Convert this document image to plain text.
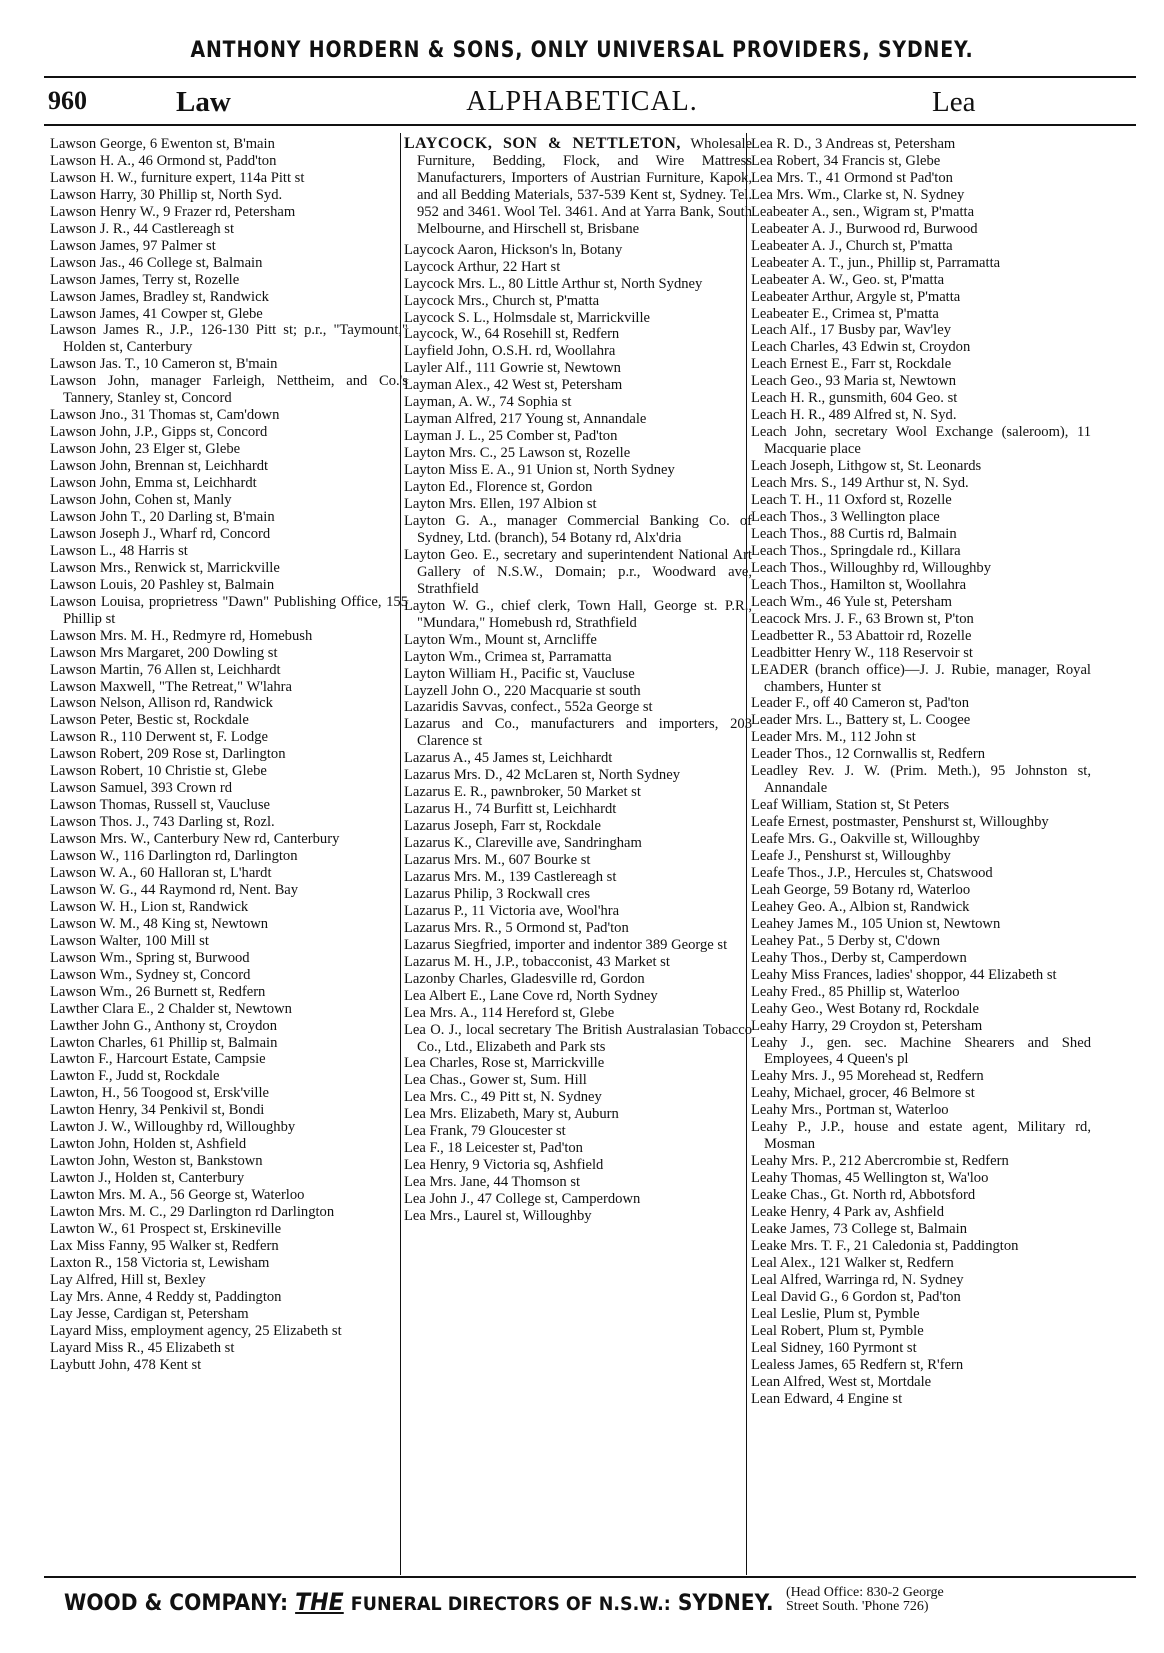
ANTHONY HORDERN & SONS, ONLY UNIVERSAL PROVIDERS, SYDNEY.
960	Law	ALPHABETICAL.	Lea
Lawson George, 6 Ewenton st, B'main
Lawson H. A., 46 Ormond st, Padd'ton
Lawson H. W., furniture expert, 114a Pitt st
Lawson Harry, 30 Phillip st, North Syd.
Lawson Henry W., 9 Frazer rd, Petersham
Lawson J. R., 44 Castlereagh st
Lawson James, 97 Palmer st
Lawson Jas., 46 College st, Balmain
Lawson James, Terry st, Rozelle
Lawson James, Bradley st, Randwick
Lawson James, 41 Cowper st, Glebe
Lawson James R., J.P., 126-130 Pitt st; p.r., "Taymount," Holden st, Canterbury
Lawson Jas. T., 10 Cameron st, B'main
Lawson John, manager Farleigh, Nettheim, and Co.'s Tannery, Stanley st, Concord
Lawson Jno., 31 Thomas st, Cam'down
Lawson John, J.P., Gipps st, Concord
Lawson John, 23 Elger st, Glebe
Lawson John, Brennan st, Leichhardt
Lawson John, Emma st, Leichhardt
Lawson John, Cohen st, Manly
Lawson John T., 20 Darling st, B'main
Lawson Joseph J., Wharf rd, Concord
Lawson L., 48 Harris st
Lawson Mrs., Renwick st, Marrickville
Lawson Louis, 20 Pashley st, Balmain
Lawson Louisa, proprietress "Dawn" Publishing Office, 155 Phillip st
Lawson Mrs. M. H., Redmyre rd, Homebush
Lawson Mrs Margaret, 200 Dowling st
Lawson Martin, 76 Allen st, Leichhardt
Lawson Maxwell, "The Retreat," W'lahra
Lawson Nelson, Allison rd, Randwick
Lawson Peter, Bestic st, Rockdale
Lawson R., 110 Derwent st, F. Lodge
Lawson Robert, 209 Rose st, Darlington
Lawson Robert, 10 Christie st, Glebe
Lawson Samuel, 393 Crown rd
Lawson Thomas, Russell st, Vaucluse
Lawson Thos. J., 743 Darling st, Rozl.
Lawson Mrs. W., Canterbury New rd, Canterbury
Lawson W., 116 Darlington rd, Darlington
Lawson W. A., 60 Halloran st, L'hardt
Lawson W. G., 44 Raymond rd, Nent. Bay
Lawson W. H., Lion st, Randwick
Lawson W. M., 48 King st, Newtown
Lawson Walter, 100 Mill st
Lawson Wm., Spring st, Burwood
Lawson Wm., Sydney st, Concord
Lawson Wm., 26 Burnett st, Redfern
Lawther Clara E., 2 Chalder st, Newtown
Lawther John G., Anthony st, Croydon
Lawton Charles, 61 Phillip st, Balmain
Lawton F., Harcourt Estate, Campsie
Lawton F., Judd st, Rockdale
Lawton, H., 56 Toogood st, Ersk'ville
Lawton Henry, 34 Penkivil st, Bondi
Lawton J. W., Willoughby rd, Willoughby
Lawton John, Holden st, Ashfield
Lawton John, Weston st, Bankstown
Lawton J., Holden st, Canterbury
Lawton Mrs. M. A., 56 George st, Waterloo
Lawton Mrs. M. C., 29 Darlington rd Darlington
Lawton W., 61 Prospect st, Erskineville
Lax Miss Fanny, 95 Walker st, Redfern
Laxton R., 158 Victoria st, Lewisham
Lay Alfred, Hill st, Bexley
Lay Mrs. Anne, 4 Reddy st, Paddington
Lay Jesse, Cardigan st, Petersham
Layard Miss, employment agency, 25 Elizabeth st
Layard Miss R., 45 Elizabeth st
Laybutt John, 478 Kent st
LAYCOCK, SON & NETTLETON, Wholesale Furniture, Bedding, Flock, and Wire Mattress Manufacturers, Importers of Austrian Furniture, Kapok, and all Bedding Materials, 537-539 Kent st, Sydney. Tel. 952 and 3461. Wool Tel. 3461. And at Yarra Bank, South Melbourne, and Hirschell st, Brisbane
Laycock Aaron, Hickson's ln, Botany
Laycock Arthur, 22 Hart st
Laycock Mrs. L., 80 Little Arthur st, North Sydney
Laycock Mrs., Church st, P'matta
Laycock S. L., Holmsdale st, Marrickville
Laycock, W., 64 Rosehill st, Redfern
Layfield John, O.S.H. rd, Woollahra
Layler Alf., 111 Gowrie st, Newtown
Layman Alex., 42 West st, Petersham
Layman, A. W., 74 Sophia st
Layman Alfred, 217 Young st, Annandale
Layman J. L., 25 Comber st, Pad'ton
Layton Mrs. C., 25 Lawson st, Rozelle
Layton Miss E. A., 91 Union st, North Sydney
Layton Ed., Florence st, Gordon
Layton Mrs. Ellen, 197 Albion st
Layton G. A., manager Commercial Banking Co. of Sydney, Ltd. (branch), 54 Botany rd, Alx'dria
Layton Geo. E., secretary and superintendent National Art Gallery of N.S.W., Domain; p.r., Woodward ave, Strathfield
Layton W. G., chief clerk, Town Hall, George st. P.R., "Mundara," Homebush rd, Strathfield
Layton Wm., Mount st, Arncliffe
Layton Wm., Crimea st, Parramatta
Layton William H., Pacific st, Vaucluse
Layzell John O., 220 Macquarie st south
Lazaridis Savvas, confect., 552a George st
Lazarus and Co., manufacturers and importers, 203 Clarence st
Lazarus A., 45 James st, Leichhardt
Lazarus Mrs. D., 42 McLaren st, North Sydney
Lazarus E. R., pawnbroker, 50 Market st
Lazarus H., 74 Burfitt st, Leichhardt
Lazarus Joseph, Farr st, Rockdale
Lazarus K., Clareville ave, Sandringham
Lazarus Mrs. M., 607 Bourke st
Lazarus Mrs. M., 139 Castlereagh st
Lazarus Philip, 3 Rockwall cres
Lazarus P., 11 Victoria ave, Wool'hra
Lazarus Mrs. R., 5 Ormond st, Pad'ton
Lazarus Siegfried, importer and indentor 389 George st
Lazarus M. H., J.P., tobacconist, 43 Market st
Lazonby Charles, Gladesville rd, Gordon
Lea Albert E., Lane Cove rd, North Sydney
Lea Mrs. A., 114 Hereford st, Glebe
Lea O. J., local secretary The British Australasian Tobacco Co., Ltd., Elizabeth and Park sts
Lea Charles, Rose st, Marrickville
Lea Chas., Gower st, Sum. Hill
Lea Mrs. C., 49 Pitt st, N. Sydney
Lea Mrs. Elizabeth, Mary st, Auburn
Lea Frank, 79 Gloucester st
Lea F., 18 Leicester st, Pad'ton
Lea Henry, 9 Victoria sq, Ashfield
Lea Mrs. Jane, 44 Thomson st
Lea John J., 47 College st, Camperdown
Lea Mrs., Laurel st, Willoughby
Lea R. D., 3 Andreas st, Petersham
Lea Robert, 34 Francis st, Glebe
Lea Mrs. T., 41 Ormond st Pad'ton
Lea Mrs. Wm., Clarke st, N. Sydney
Leabeater A., sen., Wigram st, P'matta
Leabeater A. J., Burwood rd, Burwood
Leabeater A. J., Church st, P'matta
Leabeater A. T., jun., Phillip st, Parramatta
Leabeater A. W., Geo. st, P'matta
Leabeater Arthur, Argyle st, P'matta
Leabeater E., Crimea st, P'matta
Leach Alf., 17 Busby par, Wav'ley
Leach Charles, 43 Edwin st, Croydon
Leach Ernest E., Farr st, Rockdale
Leach Geo., 93 Maria st, Newtown
Leach H. R., gunsmith, 604 Geo. st
Leach H. R., 489 Alfred st, N. Syd.
Leach John, secretary Wool Exchange (saleroom), 11 Macquarie place
Leach Joseph, Lithgow st, St. Leonards
Leach Mrs. S., 149 Arthur st, N. Syd.
Leach T. H., 11 Oxford st, Rozelle
Leach Thos., 3 Wellington place
Leach Thos., 88 Curtis rd, Balmain
Leach Thos., Springdale rd., Killara
Leach Thos., Willoughby rd, Willoughby
Leach Thos., Hamilton st, Woollahra
Leach Wm., 46 Yule st, Petersham
Leacock Mrs. J. F., 63 Brown st, P'ton
Leadbetter R., 53 Abattoir rd, Rozelle
Leadbitter Henry W., 118 Reservoir st
LEADER (branch office)—J. J. Rubie, manager, Royal chambers, Hunter st
Leader F., off 40 Cameron st, Pad'ton
Leader Mrs. L., Battery st, L. Coogee
Leader Mrs. M., 112 John st
Leader Thos., 12 Cornwallis st, Redfern
Leadley Rev. J. W. (Prim. Meth.), 95 Johnston st, Annandale
Leaf William, Station st, St Peters
Leafe Ernest, postmaster, Penshurst st, Willoughby
Leafe Mrs. G., Oakville st, Willoughby
Leafe J., Penshurst st, Willoughby
Leafe Thos., J.P., Hercules st, Chatswood
Leah George, 59 Botany rd, Waterloo
Leahey Geo. A., Albion st, Randwick
Leahey James M., 105 Union st, Newtown
Leahey Pat., 5 Derby st, C'down
Leahy Thos., Derby st, Camperdown
Leahy Miss Frances, ladies' shoppor, 44 Elizabeth st
Leahy Fred., 85 Phillip st, Waterloo
Leahy Geo., West Botany rd, Rockdale
Leahy Harry, 29 Croydon st, Petersham
Leahy J., gen. sec. Machine Shearers and Shed Employees, 4 Queen's pl
Leahy Mrs. J., 95 Morehead st, Redfern
Leahy, Michael, grocer, 46 Belmore st
Leahy Mrs., Portman st, Waterloo
Leahy P., J.P., house and estate agent, Military rd, Mosman
Leahy Mrs. P., 212 Abercrombie st, Redfern
Leahy Thomas, 45 Wellington st, Wa'loo
Leake Chas., Gt. North rd, Abbotsford
Leake Henry, 4 Park av, Ashfield
Leake James, 73 College st, Balmain
Leake Mrs. T. F., 21 Caledonia st, Paddington
Leal Alex., 121 Walker st, Redfern
Leal Alfred, Warringa rd, N. Sydney
Leal David G., 6 Gordon st, Pad'ton
Leal Leslie, Plum st, Pymble
Leal Robert, Plum st, Pymble
Leal Sidney, 160 Pyrmont st
Lealess James, 65 Redfern st, R'fern
Lean Alfred, West st, Mortdale
Lean Edward, 4 Engine st
WOOD & COMPANY: THE FUNERAL DIRECTORS OF N.S.W.: SYDNEY. (Head Office: 830-2 George
Street South. 'Phone 726)
